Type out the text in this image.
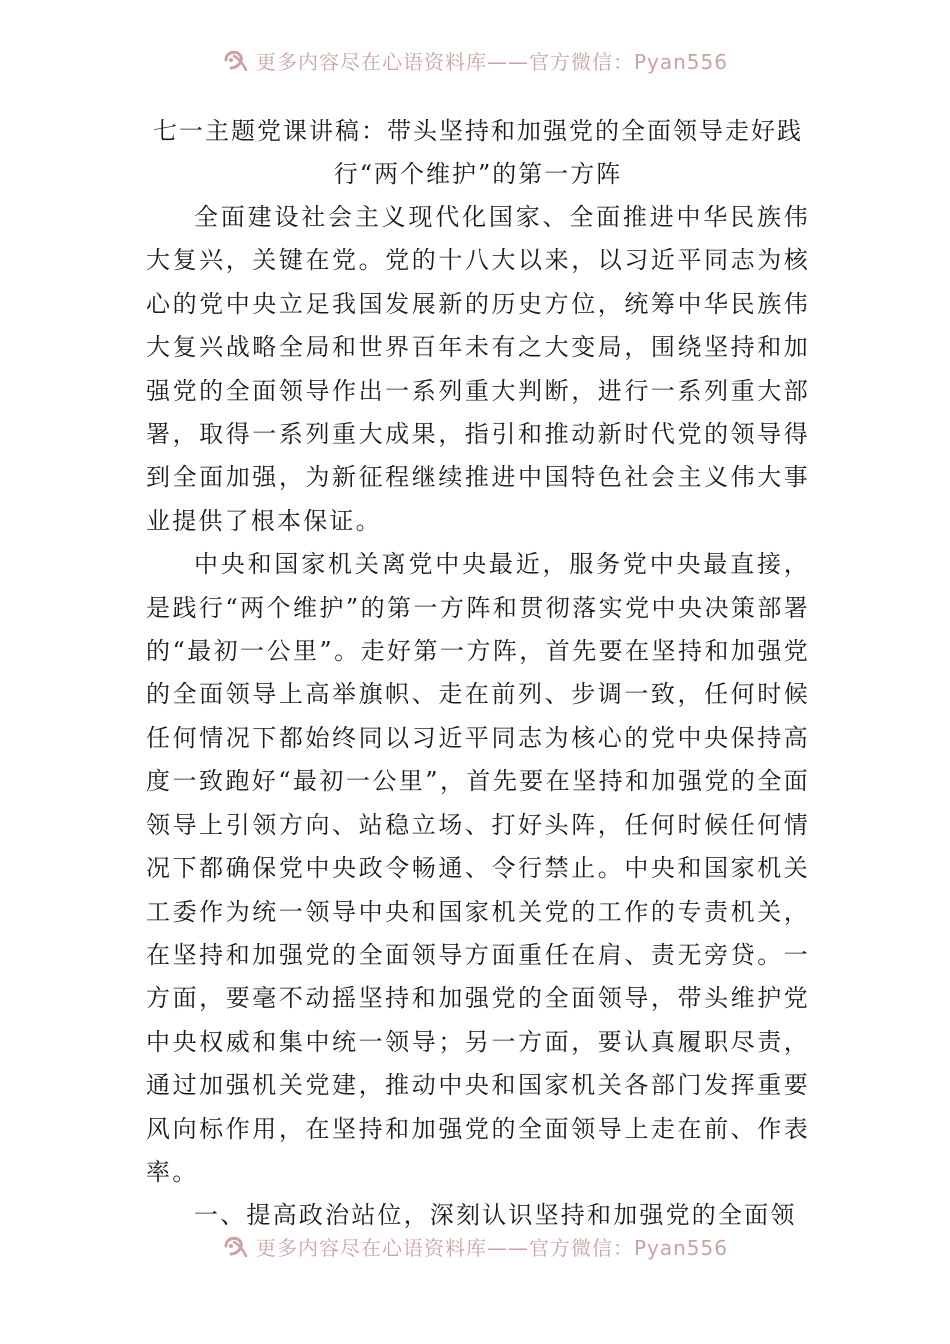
更多内容尽在心语资料库——官方微信：Pyan556
七一主题党课讲稿：带头坚持和加强党的全面领导走好践行“两个维护”的第一方阵

全面建设社会主义现代化国家、全面推进中华民族伟大复兴，关键在党。党的十八大以来，以习近平同志为核心的党中央立足我国发展新的历史方位，统筹中华民族伟大复兴战略全局和世界百年未有之大变局，围绕坚持和加强党的全面领导作出一系列重大判断，进行一系列重大部署，取得一系列重大成果，指引和推动新时代党的领导得到全面加强，为新征程继续推进中国特色社会主义伟大事业提供了根本保证。

中央和国家机关离党中央最近，服务党中央最直接，是践行“两个维护”的第一方阵和贯彻落实党中央决策部署的“最初一公里”。走好第一方阵，首先要在坚持和加强党的全面领导上高举旗帜、走在前列、步调一致，任何时候任何情况下都始终同以习近平同志为核心的党中央保持高度一致跑好“最初一公里”，首先要在坚持和加强党的全面领导上引领方向、站稳立场、打好头阵，任何时候任何情况下都确保党中央政令畅通、令行禁止。中央和国家机关工委作为统一领导中央和国家机关党的工作的专责机关，在坚持和加强党的全面领导方面重任在肩、责无旁贷。一方面，要毫不动摇坚持和加强党的全面领导，带头维护党中央权威和集中统一领导；另一方面，要认真履职尽责，通过加强机关党建，推动中央和国家机关各部门发挥重要风向标作用，在坚持和加强党的全面领导上走在前、作表率。

一、提高政治站位，深刻认识坚持和加强党的全面领

更多内容尽在心语资料库——官方微信：Pyan556
